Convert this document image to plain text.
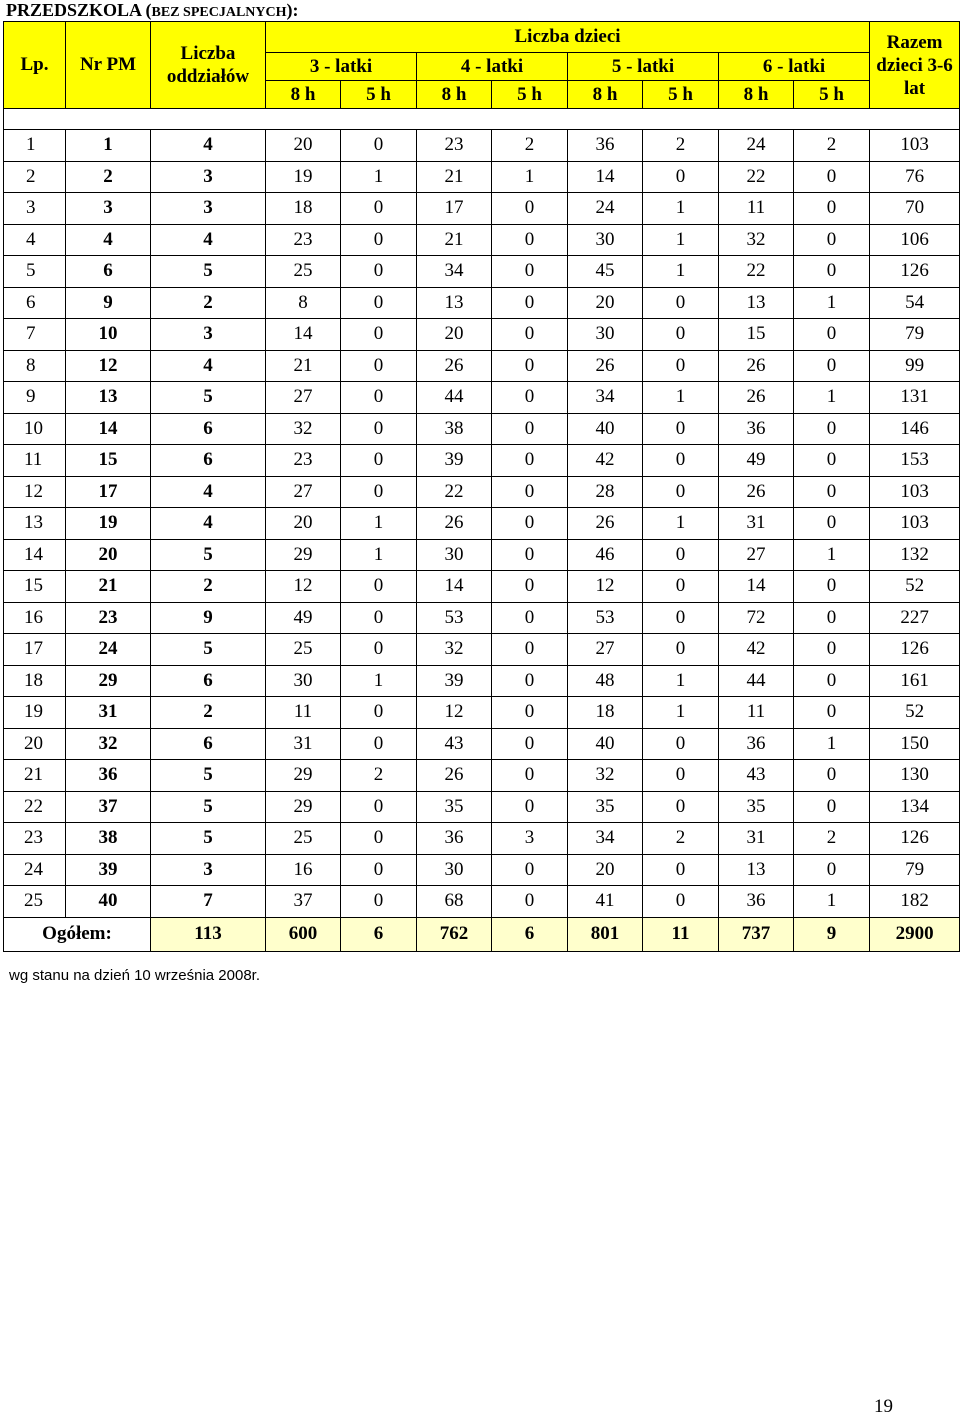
PRZEDSZKOLA (BEZ SPECJALNYCH):
Lp.	Nr PM	Liczba oddziałów	Liczba dzieci								Razem dzieci 3-6 lat
			3 - latki		4 - latki		5 - latki		6 - latki		
			8 h	5 h	8 h	5 h	8 h	5 h	8 h	5 h	

1	1	4	20	0	23	2	36	2	24	2	103
2	2	3	19	1	21	1	14	0	22	0	76
3	3	3	18	0	17	0	24	1	11	0	70
4	4	4	23	0	21	0	30	1	32	0	106
5	6	5	25	0	34	0	45	1	22	0	126
6	9	2	8	0	13	0	20	0	13	1	54
7	10	3	14	0	20	0	30	0	15	0	79
8	12	4	21	0	26	0	26	0	26	0	99
9	13	5	27	0	44	0	34	1	26	1	131
10	14	6	32	0	38	0	40	0	36	0	146
11	15	6	23	0	39	0	42	0	49	0	153
12	17	4	27	0	22	0	28	0	26	0	103
13	19	4	20	1	26	0	26	1	31	0	103
14	20	5	29	1	30	0	46	0	27	1	132
15	21	2	12	0	14	0	12	0	14	0	52
16	23	9	49	0	53	0	53	0	72	0	227
17	24	5	25	0	32	0	27	0	42	0	126
18	29	6	30	1	39	0	48	1	44	0	161
19	31	2	11	0	12	0	18	1	11	0	52
20	32	6	31	0	43	0	40	0	36	1	150
21	36	5	29	2	26	0	32	0	43	0	130
22	37	5	29	0	35	0	35	0	35	0	134
23	38	5	25	0	36	3	34	2	31	2	126
24	39	3	16	0	30	0	20	0	13	0	79
25	40	7	37	0	68	0	41	0	36	1	182
Ogółem:		113	600	6	762	6	801	11	737	9	2900
wg stanu na dzień 10 września 2008r.
19
